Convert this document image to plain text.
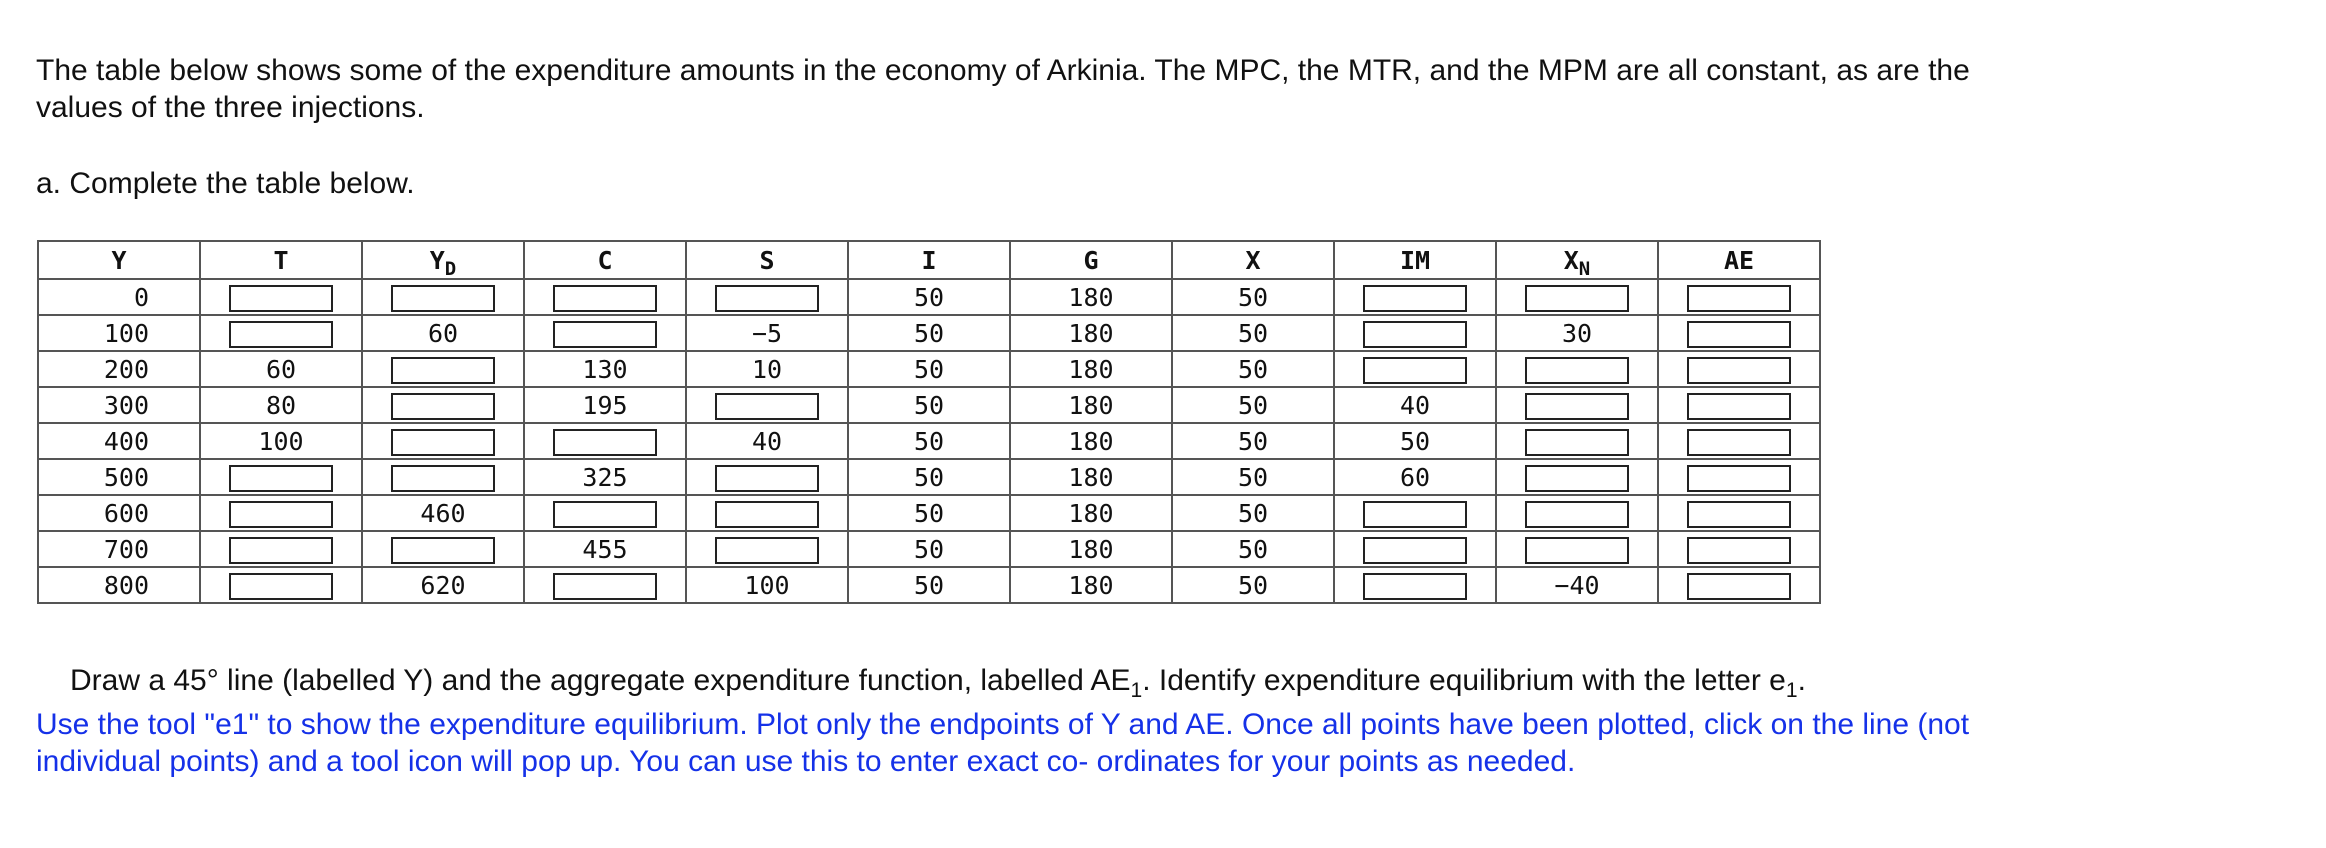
The table below shows some of the expenditure amounts in the economy of Arkinia. The MPC, the MTR, and the MPM are all constant, as are the values of the three injections.
a. Complete the table below.
Y	T	$Y_D$	C	S	I	G	X	IM	$X_N$	AE
0					50	180	50			
100		60		−5	50	180	50		30	
200	60		130	10	50	180	50			
300	80		195		50	180	50	40		
400	100			40	50	180	50	50		
500			325		50	180	50	60		
600		460			50	180	50			
700			455		50	180	50			
800		620		100	50	180	50		−40	
Draw a 45° line (labelled Y) and the aggregate expenditure function, labelled $AE_1$. Identify expenditure equilibrium with the letter $e_1$.
Use the tool "e1" to show the expenditure equilibrium. Plot only the endpoints of Y and AE. Once all points have been plotted, click on the line (not individual points) and a tool icon will pop up. You can use this to enter exact co- ordinates for your points as needed.
